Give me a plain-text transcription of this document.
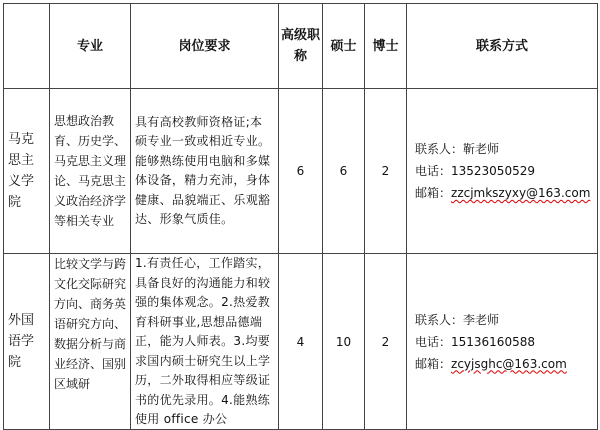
	专业	岗位要求	高级职称	硕士	博士	联系方式
马克思主义学院	思想政治教育、历史学、马克思主义理论、马克思主义政治经济学等相关专业	具有高校教师资格证;本硕专业一致或相近专业。能够熟练使用电脑和多媒体设备，精力充沛，身体健康、品貌端正、乐观豁达、形象气质佳。	6	6	2	联系人：靳老师
电话：13523050529
邮箱：zzcjmkszyxy@163.com

外国语学院	比较文学与跨文化交际研究方向、商务英语研究方向、数据分析与商业经济、国别区域研	1.有责任心，工作踏实，具备良好的沟通能力和较强的集体观念。2.热爱教育科研事业,思想品德端正，能为人师表。3.均要求国内硕士研究生以上学历，二外取得相应等级证书的优先录用。4.能熟练使用 office 办公	4	10	2	联系人：李老师
电话：15136160588
邮箱：zcyjsghc@163.com
